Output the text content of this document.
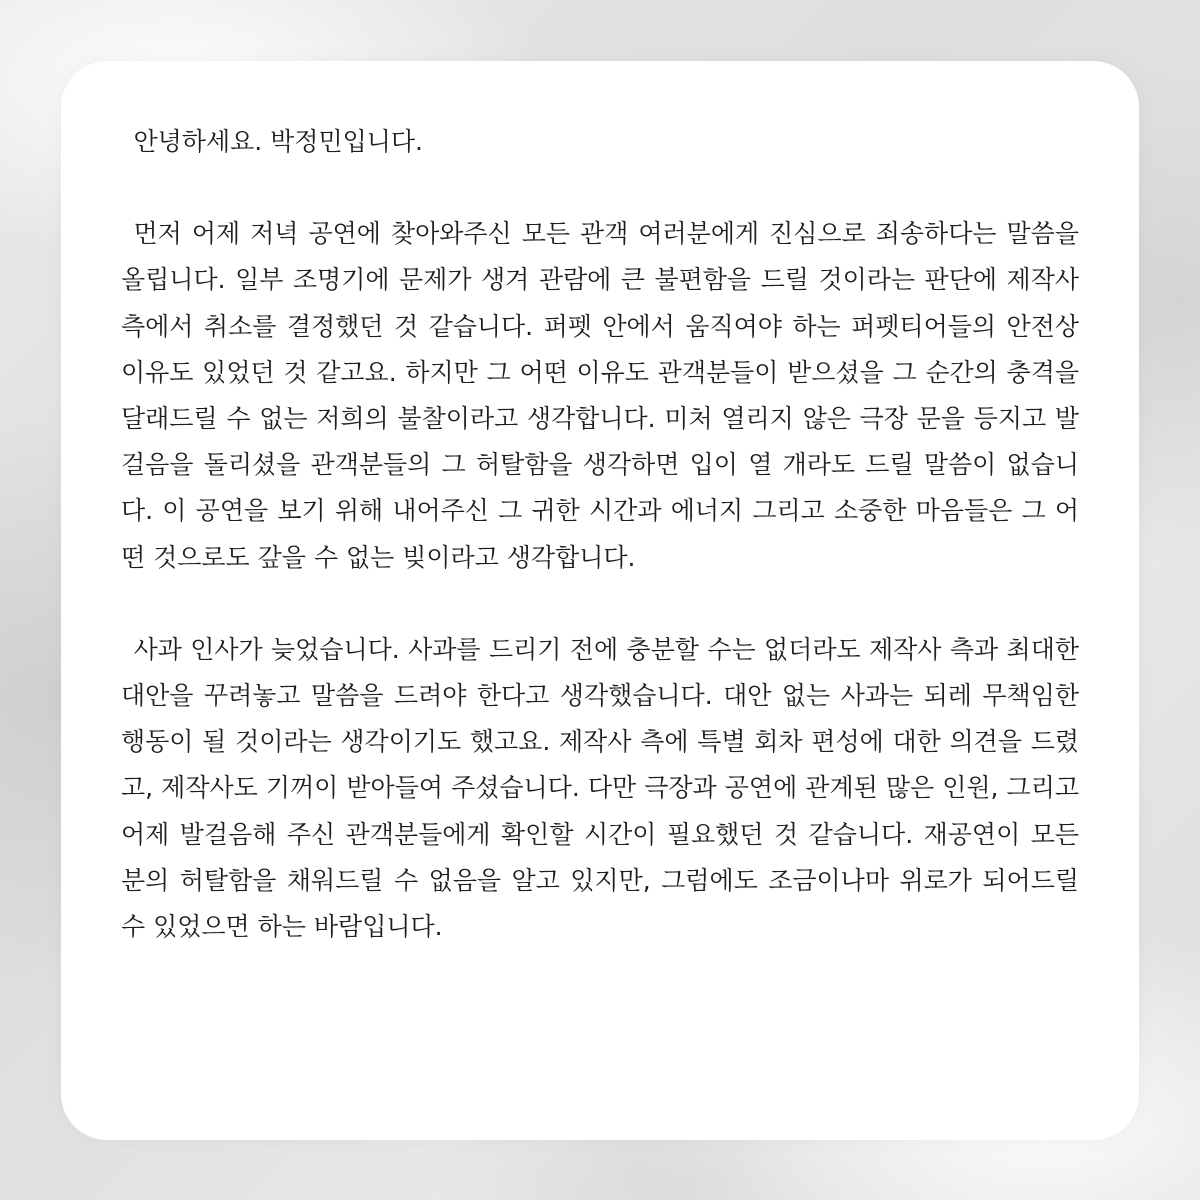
안녕하세요. 박정민입니다.

먼저 어제 저녁 공연에 찾아와주신 모든 관객 여러분에게 진심으로 죄송하다는 말씀을 올립니다. 일부 조명기에 문제가 생겨 관람에 큰 불편함을 드릴 것이라는 판단에 제작사 측에서 취소를 결정했던 것 같습니다. 퍼펫 안에서 움직여야 하는 퍼펫티어들의 안전상 이유도 있었던 것 같고요. 하지만 그 어떤 이유도 관객분들이 받으셨을 그 순간의 충격을 달래드릴 수 없는 저희의 불찰이라고 생각합니다. 미처 열리지 않은 극장 문을 등지고 발걸음을 돌리셨을 관객분들의 그 허탈함을 생각하면 입이 열 개라도 드릴 말씀이 없습니다. 이 공연을 보기 위해 내어주신 그 귀한 시간과 에너지 그리고 소중한 마음들은 그 어떤 것으로도 갚을 수 없는 빚이라고 생각합니다.

사과 인사가 늦었습니다. 사과를 드리기 전에 충분할 수는 없더라도 제작사 측과 최대한 대안을 꾸려놓고 말씀을 드려야 한다고 생각했습니다. 대안 없는 사과는 되레 무책임한 행동이 될 것이라는 생각이기도 했고요. 제작사 측에 특별 회차 편성에 대한 의견을 드렸고, 제작사도 기꺼이 받아들여 주셨습니다. 다만 극장과 공연에 관계된 많은 인원, 그리고 어제 발걸음해 주신 관객분들에게 확인할 시간이 필요했던 것 같습니다. 재공연이 모든 분의 허탈함을 채워드릴 수 없음을 알고 있지만, 그럼에도 조금이나마 위로가 되어드릴 수 있었으면 하는 바람입니다.
